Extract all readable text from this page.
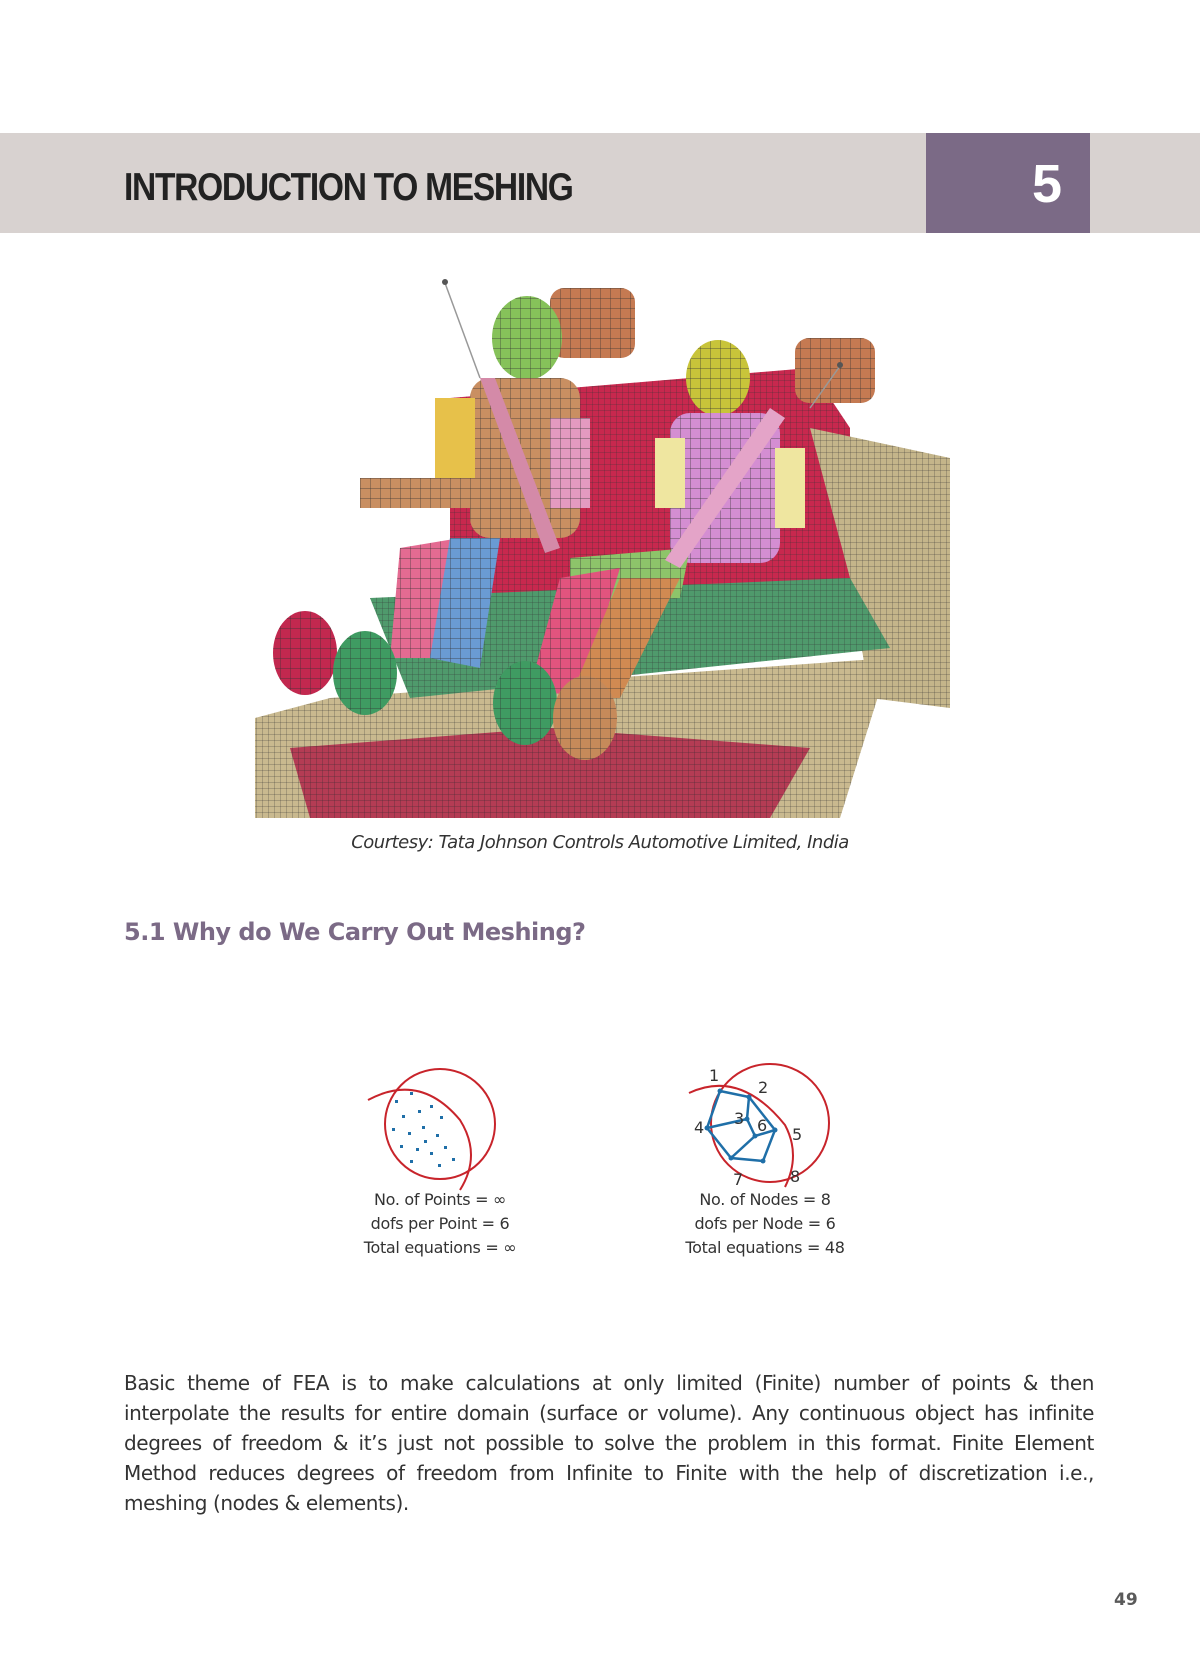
INTRODUCTION TO MESHING	5
Courtesy: Tata Johnson Controls Automotive Limited, India
5.1 Why do We Carry Out Meshing?
No. of Points = ∞
dofs per Point = 6
Total equations = ∞
1
2
3
4	5
6
7	8
No. of Nodes = 8
dofs per Node = 6
Total equations = 48

Basic theme of FEA is to make calculations at only limited (Finite) number of points & then interpolate the results for entire domain (surface or volume). Any continuous object has infinite degrees of freedom & it’s just not possible to solve the problem in this format. Finite Element Method reduces degrees of freedom from Infinite to Finite with the help of discretization i.e., meshing (nodes & elements).

49
